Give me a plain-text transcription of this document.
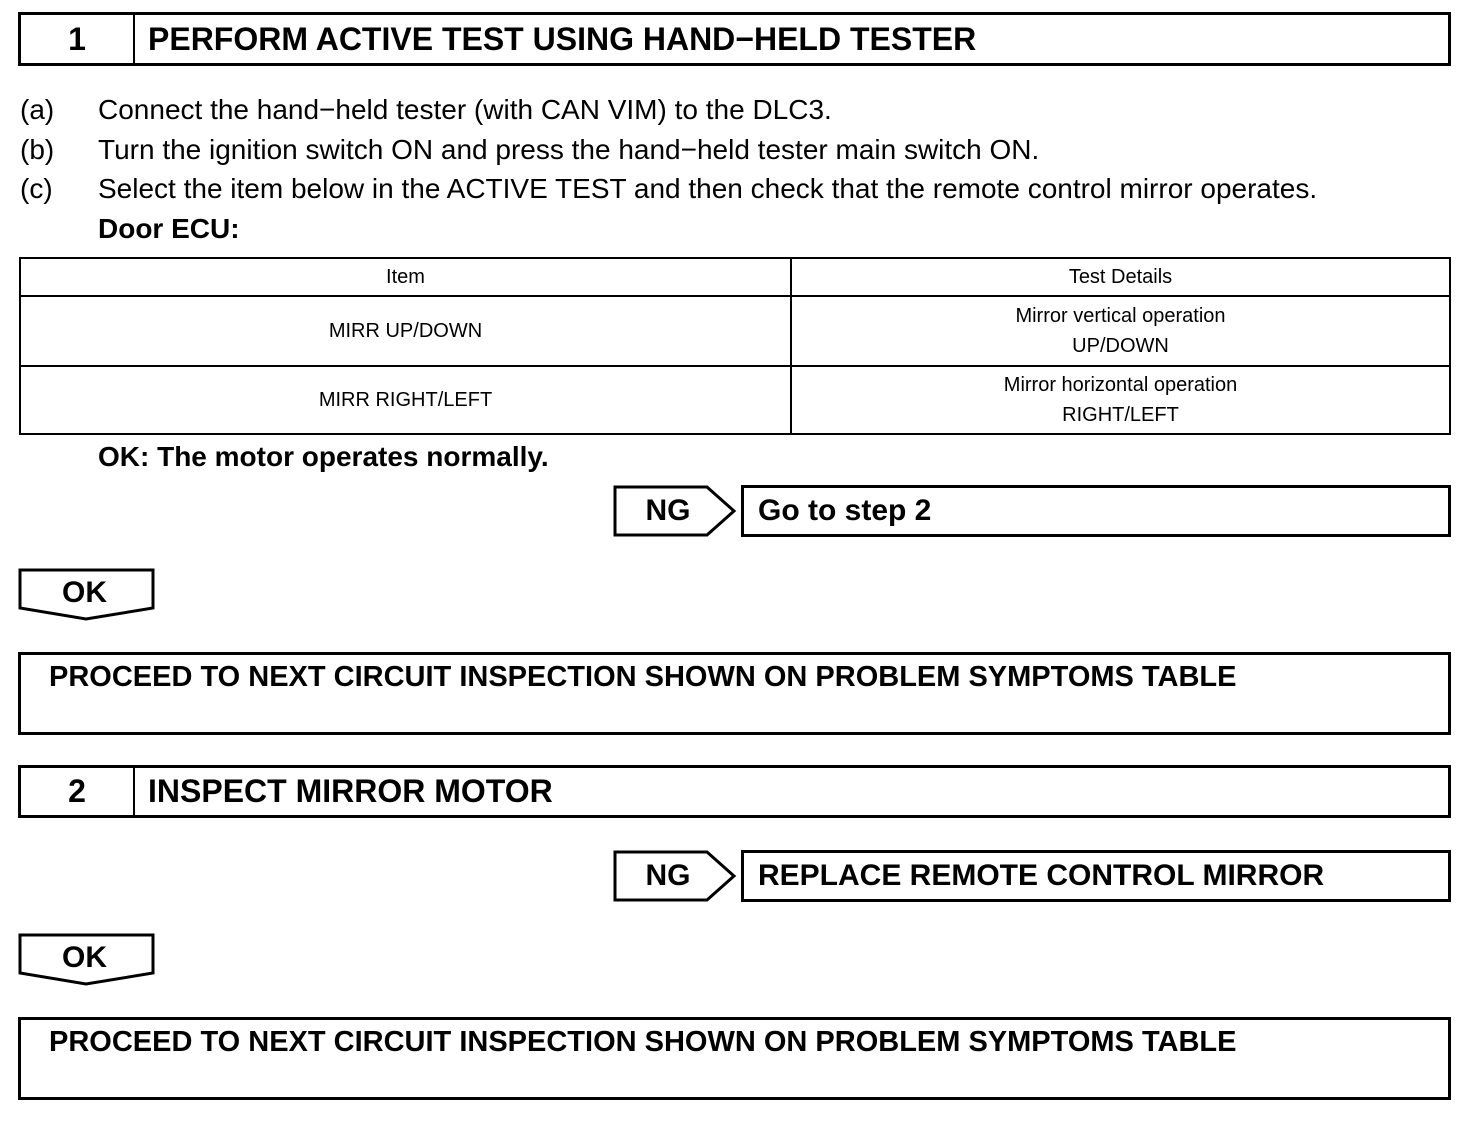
1	PERFORM ACTIVE TEST USING HAND−HELD TESTER
(a)	Connect the hand−held tester (with CAN VIM) to the DLC3.
(b)	Turn the ignition switch ON and press the hand−held tester main switch ON.
(c)	Select the item below in the ACTIVE TEST and then check that the remote control mirror operates.
Door ECU:
Item	Test Details
MIRR UP/DOWN	Mirror vertical operation
UP/DOWN

MIRR RIGHT/LEFT	Mirror horizontal operation
RIGHT/LEFT
OK: The motor operates normally.
NG	Go to step 2
OK
PROCEED TO NEXT CIRCUIT INSPECTION SHOWN ON PROBLEM SYMPTOMS TABLE
2	INSPECT MIRROR MOTOR
NG	REPLACE REMOTE CONTROL MIRROR
OK
PROCEED TO NEXT CIRCUIT INSPECTION SHOWN ON PROBLEM SYMPTOMS TABLE
